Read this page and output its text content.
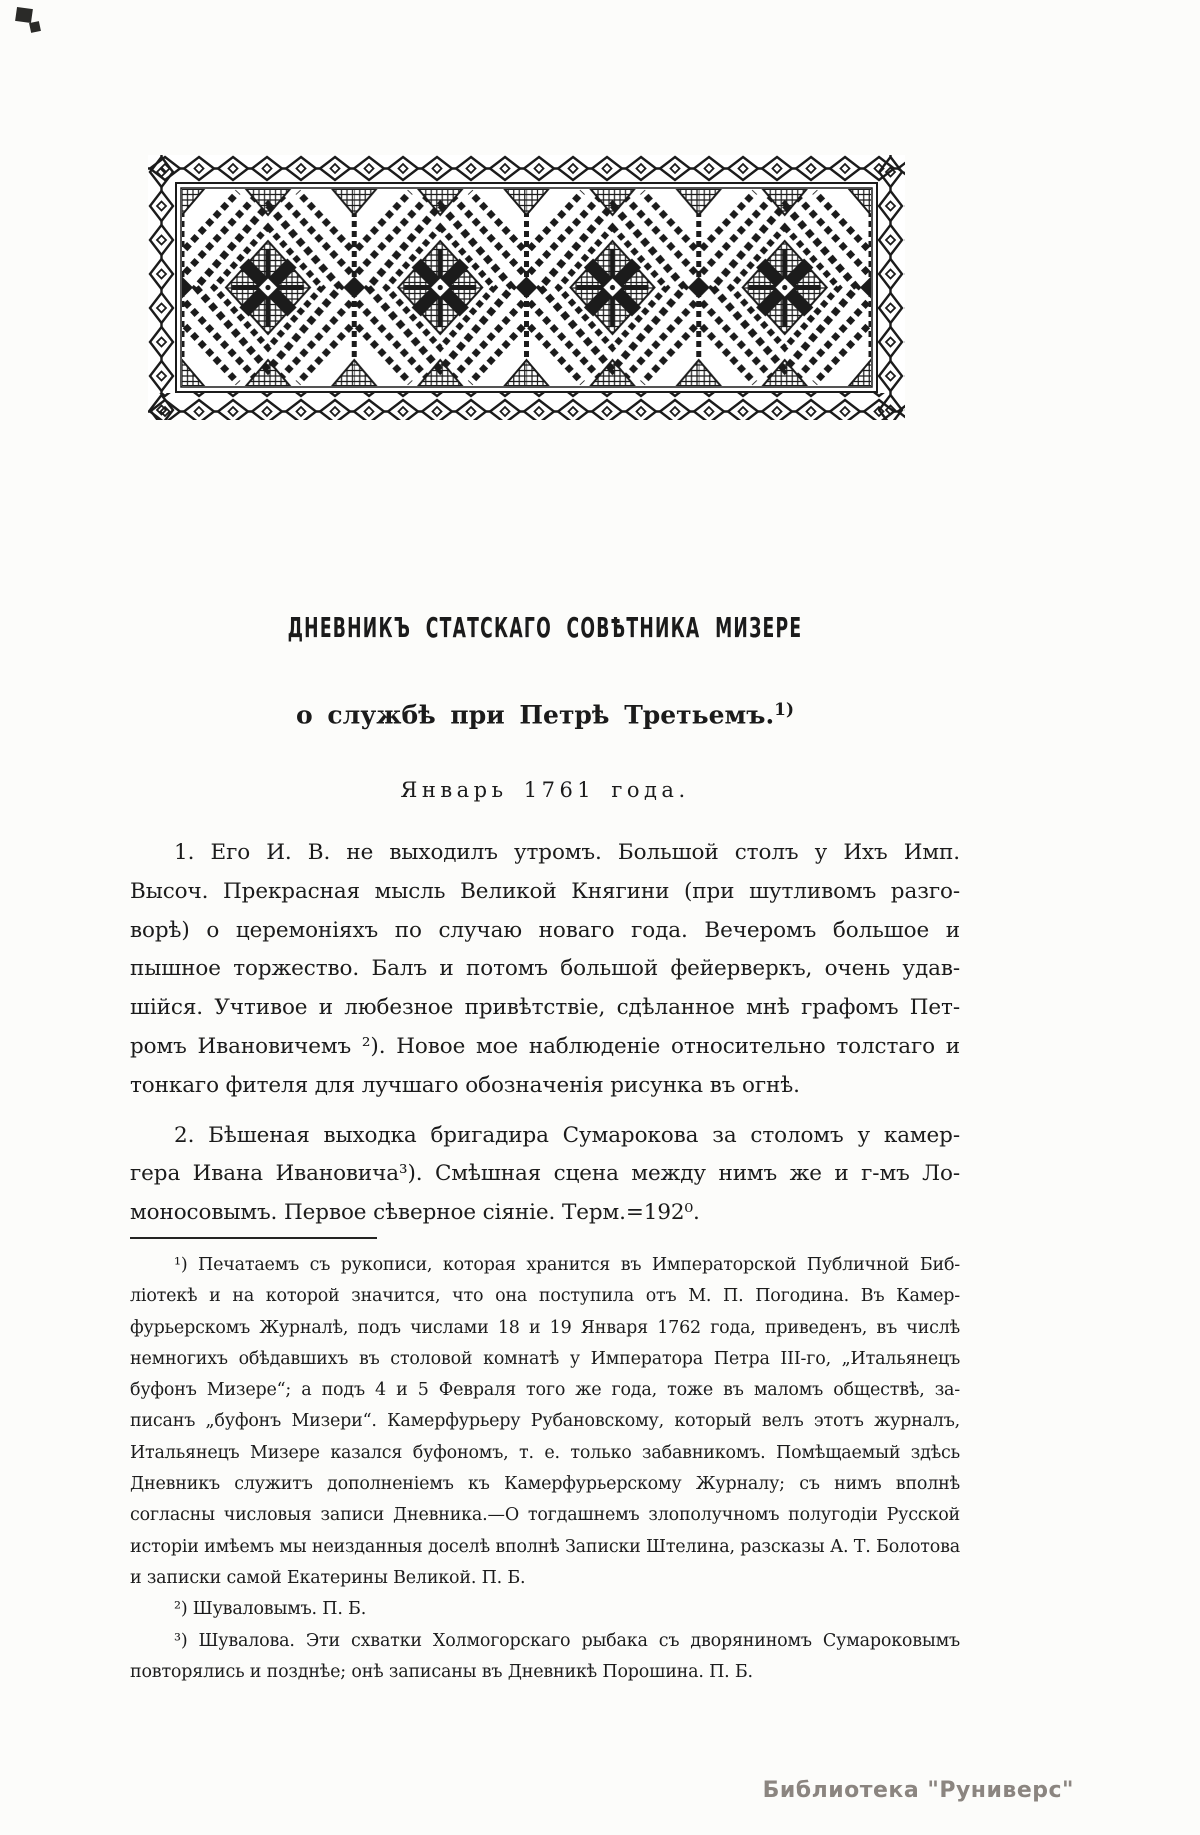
ДНЕВНИКЪ СТАТСКАГО СОВѢТНИКА МИЗЕРЕ
о службѣ при Петрѣ Третьемъ.$^{1)}$
Январь 1761 года.
1. Его И. В. не выходилъ утромъ. Большой столъ у Ихъ Имп.
Высоч. Прекрасная мысль Великой Княгини (при шутливомъ разго-
ворѣ) о церемоніяхъ по случаю новаго года. Вечеромъ большое и
пышное торжество. Балъ и потомъ большой фейерверкъ, очень удав-
шійся. Учтивое и любезное привѣтствіе, сдѣланное мнѣ графомъ Пет-
ромъ Ивановичемъ ²). Новое мое наблюденіе относительно толстаго и
тонкаго фителя для лучшаго обозначенія рисунка въ огнѣ.
2. Бѣшеная выходка бригадира Сумарокова за столомъ у камер-
гера Ивана Ивановича³). Смѣшная сцена между нимъ же и г-мъ Ло-
моносовымъ. Первое сѣверное сіяніе. Терм.=192⁰.
¹) Печатаемъ съ рукописи, которая хранится въ Императорской Публичной Биб-
ліотекѣ и на которой значится, что она поступила отъ М. П. Погодина. Въ Камер-
фурьерскомъ Журналѣ, подъ числами 18 и 19 Января 1762 года, приведенъ, въ числѣ
немногихъ обѣдавшихъ въ столовой комнатѣ у Императора Петра III-го, „Итальянецъ
буфонъ Мизере“; а подъ 4 и 5 Февраля того же года, тоже въ маломъ обществѣ, за-
писанъ „буфонъ Мизери“. Камерфурьеру Рубановскому, который велъ этотъ журналъ,
Итальянецъ Мизере казался буфономъ, т. е. только забавникомъ. Помѣщаемый здѣсь
Дневникъ служитъ дополненіемъ къ Камерфурьерскому Журналу; съ нимъ вполнѣ
согласны числовыя записи Дневника.—О тогдашнемъ злополучномъ полугодіи Русской
исторіи имѣемъ мы неизданныя доселѣ вполнѣ Записки Штелина, разсказы А. Т. Болотова
и записки самой Екатерины Великой. П. Б.
²) Шуваловымъ. П. Б.
³) Шувалова. Эти схватки Холмогорскаго рыбака съ дворяниномъ Сумароковымъ
повторялись и позднѣе; онѣ записаны въ Дневникѣ Порошина. П. Б.
Библиотека "Руниверс"
